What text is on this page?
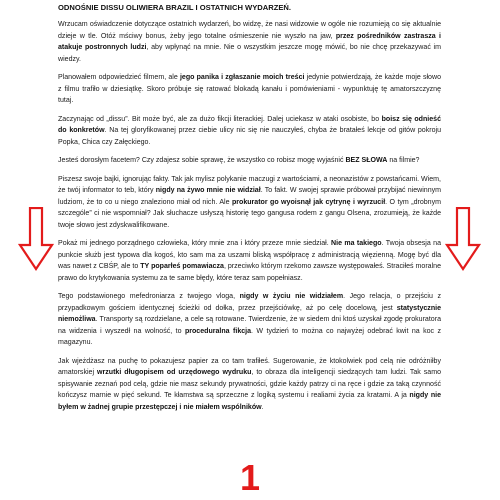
ODNOŚNIE DISSU OLIWIERA BRAZIL I OSTATNICH WYDARZEŃ.

Wrzucam oświadczenie dotyczące ostatnich wydarzeń, bo widzę, że nasi widzowie w ogóle nie rozumieją co się aktualnie dzieje w tle. Otóż mściwy bonus, żeby jego totalne ośmieszenie nie wyszło na jaw, przez pośredników zastrasza i atakuje postronnych ludzi, aby wpłynąć na mnie. Nie o wszystkim jeszcze mogę mówić, bo nie chcę przekazywać im wiedzy.

Planowałem odpowiedzieć filmem, ale jego panika i zgłaszanie moich treści jedynie potwierdzają, że każde moje słowo z filmu trafiło w dziesiątkę. Skoro próbuje się ratować blokadą kanału i pomówieniami - wypunktuję tę amatorszczyznę tutaj.

Zaczynając od „dissu”. Bit może być, ale za dużo fikcji literackiej. Dalej uciekasz w ataki osobiste, bo boisz się odnieść do konkretów. Na tej gloryfikowanej przez ciebie ulicy nic się nie nauczyłeś, chyba że bratałeś lekcje od gitów pokroju Popka, Chica czy Załęckiego.

Jesteś dorosłym facetem? Czy zdajesz sobie sprawę, że wszystko co robisz mogę wyjaśnić BEZ SŁOWA na filmie?

Piszesz swoje bajki, ignorując fakty. Tak jak mylisz polykanie maczugi z wartościami, a neonazistów z powstańcami. Wiem, że twój informator to teb, który nigdy na żywo mnie nie widział. To fakt. W swojej sprawie próbował przybijać niewinnym ludziom, że to co u niego znaleziono miał od nich. Ale prokurator go wyoisnął jak cytrynę i wyrzucił. O tym „drobnym szczególe” ci nie wspomniał? Jak słuchacze usłyszą historię tego gangusa rodem z gangu Olsena, zrozumieją, że każde twoje słowo jest zdyskwalifikowane.

Pokaż mi jednego porządnego człowieka, który mnie zna i który przeze mnie siedział. Nie ma takiego. Twoja obsesja na punkcie służb jest typowa dla kogoś, kto sam ma za uszami bliską współpracę z administracją więzienną. Mogę być dla was nawet z CBŚP, ale to TY poparłeś pomawiacza, przeciwko którym rzekomo zawsze występowałeś. Straciłeś moralne prawo do krytykowania systemu za te same błędy, które teraz sam popełniasz.

Tego podstawionego mefedroniarza z twojego vloga, nigdy w życiu nie widziałem. Jego relacja, o przejściu z przypadkowym gościem identycznej ścieżki od dołka, przez przejściówkę, aż po celę docelową, jest statystycznie niemożliwa. Transporty są rozdzielane, a cele są rotowane. Twierdzenie, że w siedem dni ktoś uzyskał zgodę prokuratora na widzenia i wyszedł na wolność, to proceduralna fikcja. W tydzień to można co najwyżej odebrać kwit na koc z magazynu.

Jak wjeżdżasz na puchę to pokazujesz papier za co tam trafiłeś. Sugerowanie, że ktokolwiek pod celą nie odróżniłby amatorskiej wrzutki długopisem od urzędowego wydruku, to obraza dla inteligencji siedzących tam ludzi. Tak samo spisywanie zeznań pod celą, gdzie nie masz sekundy prywatności, gdzie każdy patrzy ci na ręce i gdzie za taką czynność kończysz marnie w pięć sekund. Te kłamstwa są sprzeczne z logiką systemu i realiami życia za kratami. A ja nigdy nie byłem w żadnej grupie przestępczej i nie miałem wspólników.

1
